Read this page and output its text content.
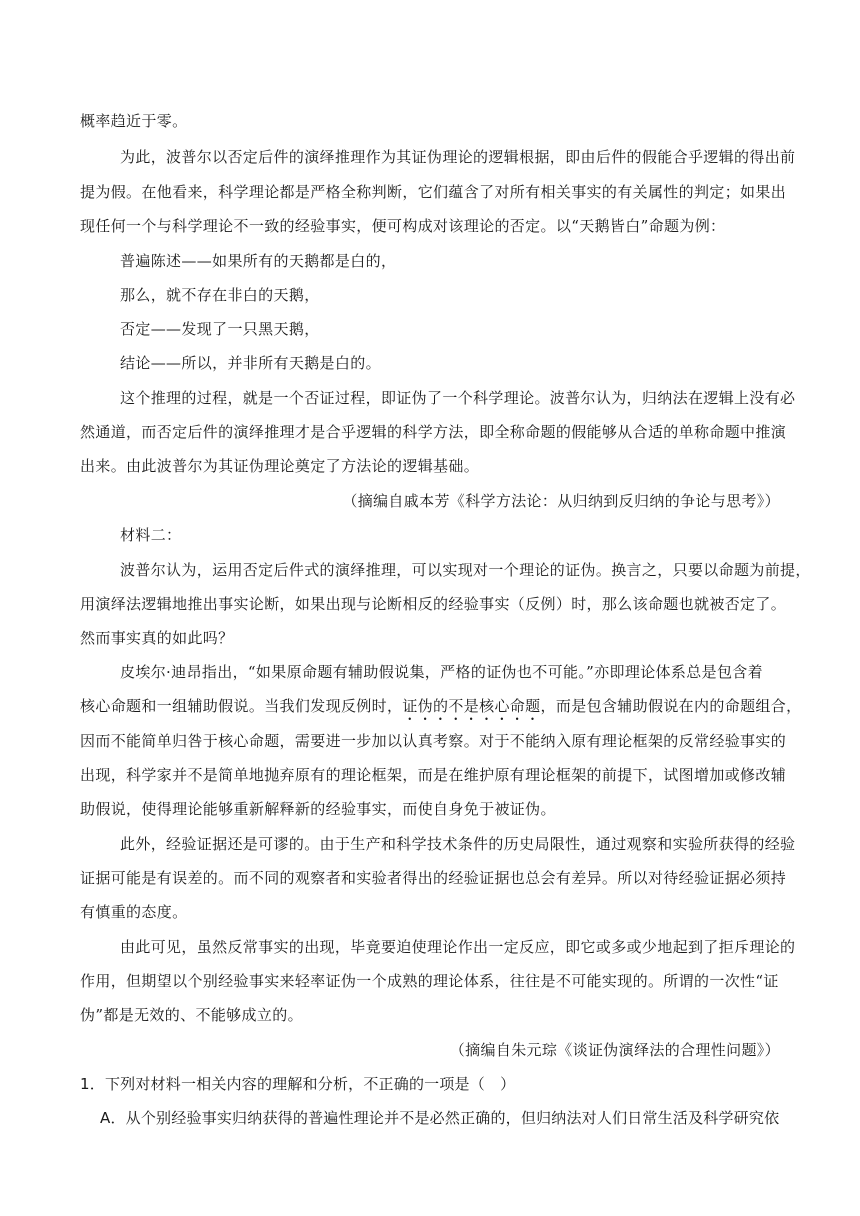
概率趋近于零。
为此，波普尔以否定后件的演绎推理作为其证伪理论的逻辑根据，即由后件的假能合乎逻辑的得出前
提为假。在他看来，科学理论都是严格全称判断，它们蕴含了对所有相关事实的有关属性的判定；如果出
现任何一个与科学理论不一致的经验事实，便可构成对该理论的否定。以“天鹅皆白”命题为例：
普遍陈述——如果所有的天鹅都是白的，
那么，就不存在非白的天鹅，
否定——发现了一只黑天鹅，
结论——所以，并非所有天鹅是白的。
这个推理的过程，就是一个否证过程，即证伪了一个科学理论。波普尔认为，归纳法在逻辑上没有必
然通道，而否定后件的演绎推理才是合乎逻辑的科学方法，即全称命题的假能够从合适的单称命题中推演
出来。由此波普尔为其证伪理论奠定了方法论的逻辑基础。
（摘编自戚本芳《科学方法论：从归纳到反归纳的争论与思考》）
材料二：
波普尔认为，运用否定后件式的演绎推理，可以实现对一个理论的证伪。换言之，只要以命题为前提，
用演绎法逻辑地推出事实论断，如果出现与论断相反的经验事实（反例）时，那么该命题也就被否定了。
然而事实真的如此吗？
皮埃尔·迪昂指出，“如果原命题有辅助假说集，严格的证伪也不可能。”亦即理论体系总是包含着
核心命题和一组辅助假说。当我们发现反例时，证伪的不是核心命题，而是包含辅助假说在内的命题组合，
因而不能简单归咎于核心命题，需要进一步加以认真考察。对于不能纳入原有理论框架的反常经验事实的
出现，科学家并不是简单地抛弃原有的理论框架，而是在维护原有理论框架的前提下，试图增加或修改辅
助假说，使得理论能够重新解释新的经验事实，而使自身免于被证伪。
此外，经验证据还是可谬的。由于生产和科学技术条件的历史局限性，通过观察和实验所获得的经验
证据可能是有误差的。而不同的观察者和实验者得出的经验证据也总会有差异。所以对待经验证据必须持
有慎重的态度。
由此可见，虽然反常事实的出现，毕竟要迫使理论作出一定反应，即它或多或少地起到了拒斥理论的
作用，但期望以个别经验事实来轻率证伪一个成熟的理论体系，往往是不可能实现的。所谓的一次性“证
伪”都是无效的、不能够成立的。
（摘编自朱元琮《谈证伪演绎法的合理性问题》）
1．下列对材料一相关内容的理解和分析，不正确的一项是（　）
A．从个别经验事实归纳获得的普遍性理论并不是必然正确的，但归纳法对人们日常生活及科学研究依
